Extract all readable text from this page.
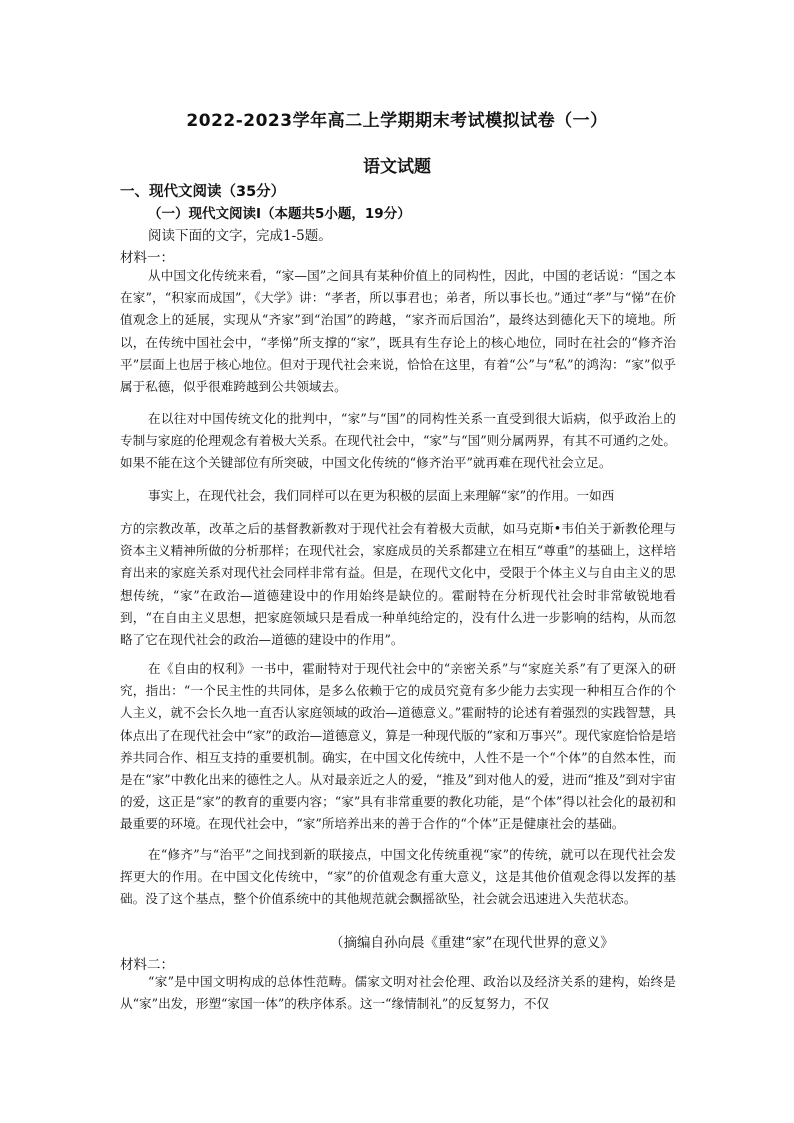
2022-2023学年高二上学期期末考试模拟试卷（一）
语文试题
一、现代文阅读（35分）
（一）现代文阅读Ⅰ（本题共5小题，19分）
阅读下面的文字，完成1-5题。
材料一：

从中国文化传统来看，“家—国”之间具有某种价值上的同构性，因此，中国的老话说：“国之本在家”，“积家而成国”，《大学》讲：“孝者，所以事君也；弟者，所以事长也。”通过“孝”与“悌”在价值观念上的延展，实现从“齐家”到“治国”的跨越，“家齐而后国治”，最终达到德化天下的境地。所以，在传统中国社会中，“孝悌”所支撑的“家”，既具有生存论上的核心地位，同时在社会的“修齐治平”层面上也居于核心地位。但对于现代社会来说，恰恰在这里，有着“公”与“私”的鸿沟：“家”似乎属于私德，似乎很难跨越到公共领域去。

在以往对中国传统文化的批判中，“家”与“国”的同构性关系一直受到很大诟病，似乎政治上的专制与家庭的伦理观念有着极大关系。在现代社会中，“家”与“国”则分属两界，有其不可通约之处。如果不能在这个关键部位有所突破，中国文化传统的“修齐治平”就再难在现代社会立足。

事实上，在现代社会，我们同样可以在更为积极的层面上来理解“家”的作用。一如西

方的宗教改革，改革之后的基督教新教对于现代社会有着极大贡献，如马克斯•韦伯关于新教伦理与资本主义精神所做的分析那样；在现代社会，家庭成员的关系都建立在相互“尊重”的基础上，这样培育出来的家庭关系对现代社会同样非常有益。但是，在现代文化中，受限于个体主义与自由主义的思想传统，“家”在政治—道德建设中的作用始终是缺位的。霍耐特在分析现代社会时非常敏锐地看到，“在自由主义思想，把家庭领域只是看成一种单纯给定的，没有什么进一步影响的结构，从而忽略了它在现代社会的政治—道德的建设中的作用”。

在《自由的权利》一书中，霍耐特对于现代社会中的“亲密关系”与“家庭关系”有了更深入的研究，指出：“一个民主性的共同体，是多么依赖于它的成员究竟有多少能力去实现一种相互合作的个人主义，就不会长久地一直否认家庭领域的政治—道德意义。”霍耐特的论述有着强烈的实践智慧，具体点出了在现代社会中“家”的政治—道德意义，算是一种现代版的“家和万事兴”。现代家庭恰恰是培养共同合作、相互支持的重要机制。确实，在中国文化传统中，人性不是一个“个体”的自然本性，而是在“家”中教化出来的德性之人。从对最亲近之人的爱，“推及”到对他人的爱，进而“推及”到对宇宙的爱，这正是“家”的教育的重要内容；“家”具有非常重要的教化功能，是“个体”得以社会化的最初和最重要的环境。在现代社会中，“家”所培养出来的善于合作的“个体”正是健康社会的基础。

在“修齐”与“治平”之间找到新的联接点，中国文化传统重视“家”的传统，就可以在现代社会发挥更大的作用。在中国文化传统中，“家”的价值观念有重大意义，这是其他价值观念得以发挥的基础。没了这个基点，整个价值系统中的其他规范就会飘摇欲坠，社会就会迅速进入失范状态。

（摘编自孙向晨《重建“家”在现代世界的意义》
材料二：

“家”是中国文明构成的总体性范畴。儒家文明对社会伦理、政治以及经济关系的建构，始终是从“家”出发，形塑“家国一体”的秩序体系。这一“缘情制礼”的反复努力，不仅
